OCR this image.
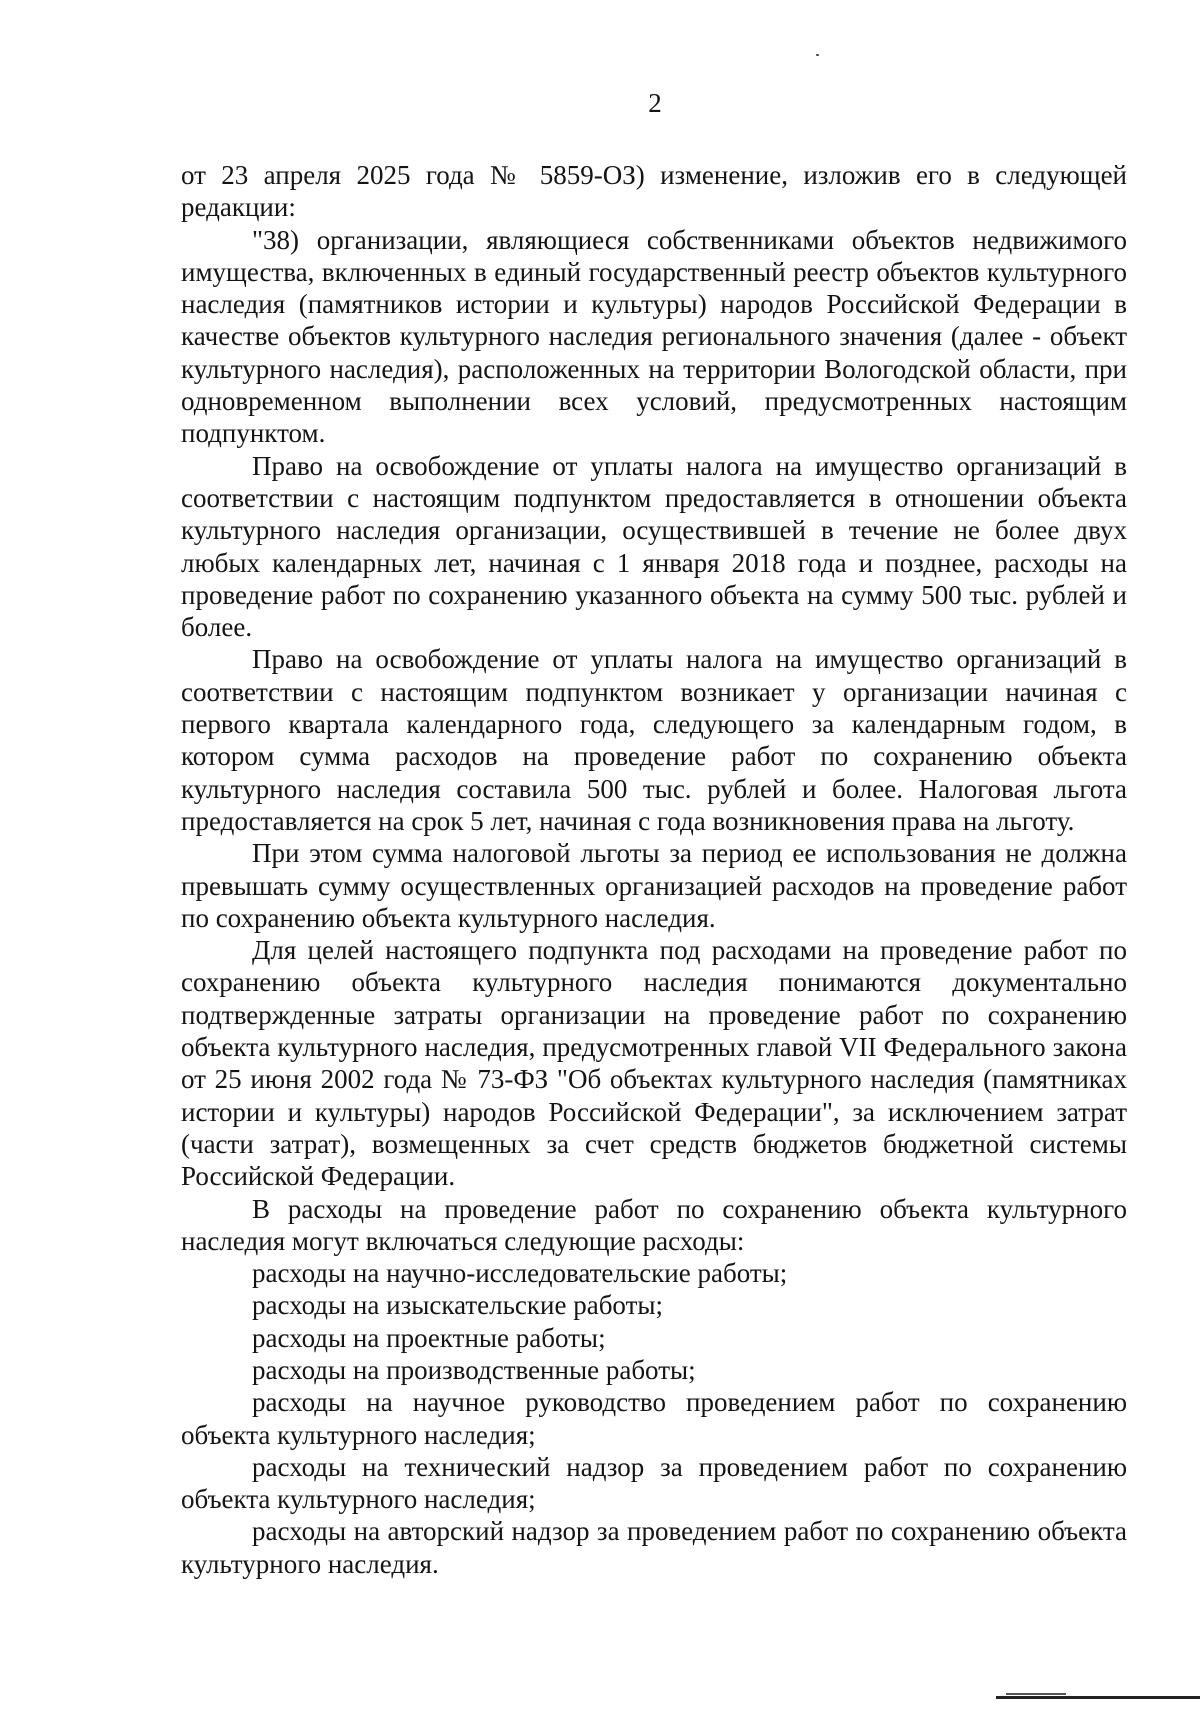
2

от 23 апреля 2025 года № 5859-ОЗ) изменение, изложив его в следующей редакции:

"38) организации, являющиеся собственниками объектов недвижимого имущества, включенных в единый государственный реестр объектов культурного наследия (памятников истории и культуры) народов Российской Федерации в качестве объектов культурного наследия регионального значения (далее - объект культурного наследия), расположенных на территории Вологодской области, при одновременном выполнении всех условий, предусмотренных настоящим подпунктом.

Право на освобождение от уплаты налога на имущество организаций в соответствии с настоящим подпунктом предоставляется в отношении объекта культурного наследия организации, осуществившей в течение не более двух любых календарных лет, начиная с 1 января 2018 года и позднее, расходы на проведение работ по сохранению указанного объекта на сумму 500 тыс. рублей и более.

Право на освобождение от уплаты налога на имущество организаций в соответствии с настоящим подпунктом возникает у организации начиная с первого квартала календарного года, следующего за календарным годом, в котором сумма расходов на проведение работ по сохранению объекта культурного наследия составила 500 тыс. рублей и более. Налоговая льгота предоставляется на срок 5 лет, начиная с года возникновения права на льготу.

При этом сумма налоговой льготы за период ее использования не должна превышать сумму осуществленных организацией расходов на проведение работ по сохранению объекта культурного наследия.

Для целей настоящего подпункта под расходами на проведение работ по сохранению объекта культурного наследия понимаются документально подтвержденные затраты организации на проведение работ по сохранению объекта культурного наследия, предусмотренных главой VII Федерального закона от 25 июня 2002 года № 73-ФЗ "Об объектах культурного наследия (памятниках истории и культуры) народов Российской Федерации", за исключением затрат (части затрат), возмещенных за счет средств бюджетов бюджетной системы Российской Федерации.

В расходы на проведение работ по сохранению объекта культурного наследия могут включаться следующие расходы:

расходы на научно-исследовательские работы;

расходы на изыскательские работы;

расходы на проектные работы;

расходы на производственные работы;

расходы на научное руководство проведением работ по сохранению объекта культурного наследия;

расходы на технический надзор за проведением работ по сохранению объекта культурного наследия;

расходы на авторский надзор за проведением работ по сохранению объекта культурного наследия.
